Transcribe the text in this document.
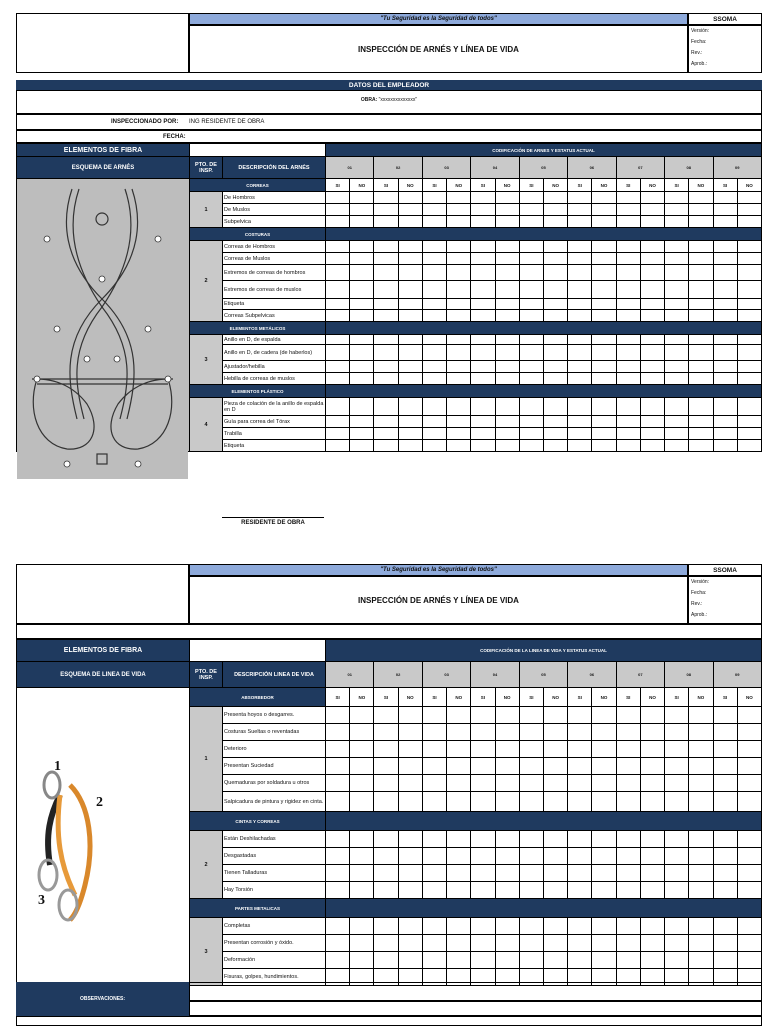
"Tu Seguridad es la Seguridad de todos"	SSOMA
INSPECCIÓN DE ARNÉS Y LÍNEA DE VIDA
Versión:
Fecha:
Rev.:
Aprob.:
DATOS DEL EMPLEADOR
OBRA: "xxxxxxxxxxxxxx"
INSPECCIONADO POR: ING RESIDENTE DE OBRA
FECHA:
ELEMENTOS DE FIBRA			CODIFICACIÓN DE ARNES Y ESTATUS ACTUAL																	
ESQUEMA DE ARNÉS	PTO. DE INSP.	DESCRIPCIÓN DEL ARNÉS	01		02		03		04		05		06		07		08		09	
	CORREAS		SI	NO	SI	NO	SI	NO	SI	NO	SI	NO	SI	NO	SI	NO	SI	NO	SI	NO
	1	De Hombros																		
		De Muslos																		
		Subpelvica																		
	COSTURAS																			
	2	Correas de Hombros																		
		Correas de Muslos																		
		Extremos de correas de hombros																		
		Extremos de correas de muslos																		
		Etiqueta																		
		Correas Subpelvicas																		
	ELEMENTOS METÁLICOS																			
	3	Anillo en D, de espalda																		
		Anillo en D, de cadera (de haberlos)																		
		Ajustador/hebilla																		
		Hebilla de correas de muslos																		
	ELEMENTOS PLÁSTICO																			
	4	Pieza de colación de la anillo de espalda en D																		
		Guía para correa del Tórax																		
		Trabilla																		
		Etiqueta																		
RESIDENTE DE OBRA
"Tu Seguridad es la Seguridad de todos"	SSOMA
INSPECCIÓN DE ARNÉS Y LÍNEA DE VIDA
Versión:
Fecha:
Rev.:
Aprob.:
ELEMENTOS DE FIBRA			CODIFICACIÓN DE LA LINEA DE VIDA Y ESTATUS ACTUAL																	
ESQUEMA DE LINEA DE VIDA	PTO. DE INSP.	DESCRIPCIÓN LINEA DE VIDA	01		02		03		04		05		06		07		08		09	
	ABSORBEDOR		SI	NO	SI	NO	SI	NO	SI	NO	SI	NO	SI	NO	SI	NO	SI	NO	SI	NO
	1	Presenta hoyos o desgarres.																		
		Costuras Sueltas o reventadas																		
		Deterioro																		
		Presentan Suciedad																		
		Quemaduras por soldadura u otros																		
		Salpicadura de pintura y rigidez en cinta.																		
	CINTAS Y CORREAS																			
	2	Están Deshilachadas																		
		Desgastadas																		
		Tienen Talladuras																		
		Hay Torsión																		
	PARTES METALICAS																			
	3	Completas																		
		Presentan corrosión y óxido.																		
		Deformación																		
		Fisuras, golpes, hundimientos.																		
1
2
3
OBSERVACIONES:
